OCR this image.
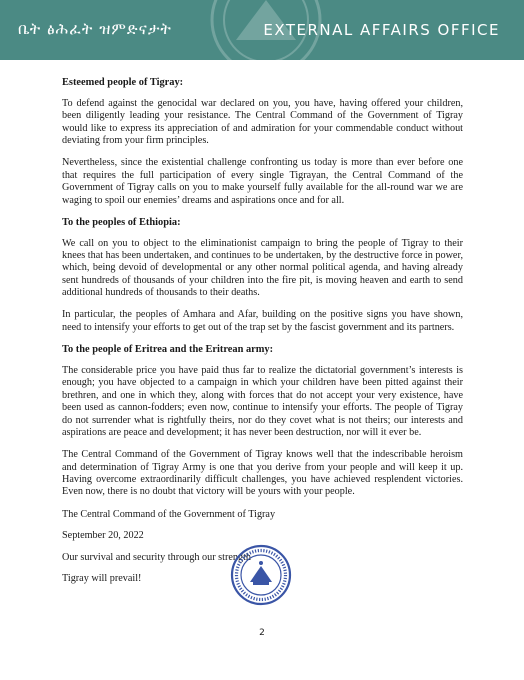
ቤት ፅሕፈት ዝምድናታት	EXTERNAL AFFAIRS OFFICE
Esteemed people of Tigray:

To defend against the genocidal war declared on you, you have, having offered your children, been diligently leading your resistance. The Central Command of the Government of Tigray would like to express its appreciation of and admiration for your commendable conduct without deviating from your firm principles.

Nevertheless, since the existential challenge confronting us today is more than ever before one that requires the full participation of every single Tigrayan, the Central Command of the Government of Tigray calls on you to make yourself fully available for the all-round war we are waging to spoil our enemies’ dreams and aspirations once and for all.

To the peoples of Ethiopia:

We call on you to object to the eliminationist campaign to bring the people of Tigray to their knees that has been undertaken, and continues to be undertaken, by the destructive force in power, which, being devoid of developmental or any other normal political agenda, and having already sent hundreds of thousands of your children into the fire pit, is moving heaven and earth to send additional hundreds of thousands to their deaths.

In particular, the peoples of Amhara and Afar, building on the positive signs you have shown, need to intensify your efforts to get out of the trap set by the fascist government and its partners.

To the people of Eritrea and the Eritrean army:

The considerable price you have paid thus far to realize the dictatorial government’s interests is enough; you have objected to a campaign in which your children have been pitted against their brethren, and one in which they, along with forces that do not accept your very existence, have been used as cannon-fodders; even now, continue to intensify your efforts. The people of Tigray do not surrender what is rightfully theirs, nor do they covet what is not theirs; our interests and aspirations are peace and development; it has never been destruction, nor will it ever be.

The Central Command of the Government of Tigray knows well that the indescribable heroism and determination of Tigray Army is one that you derive from your people and will keep it up. Having overcome extraordinarily difficult challenges, you have achieved resplendent victories. Even now, there is no doubt that victory will be yours with your people.

The Central Command of the Government of Tigray
September 20, 2022
Our survival and security through our strength
Tigray will prevail!
2
